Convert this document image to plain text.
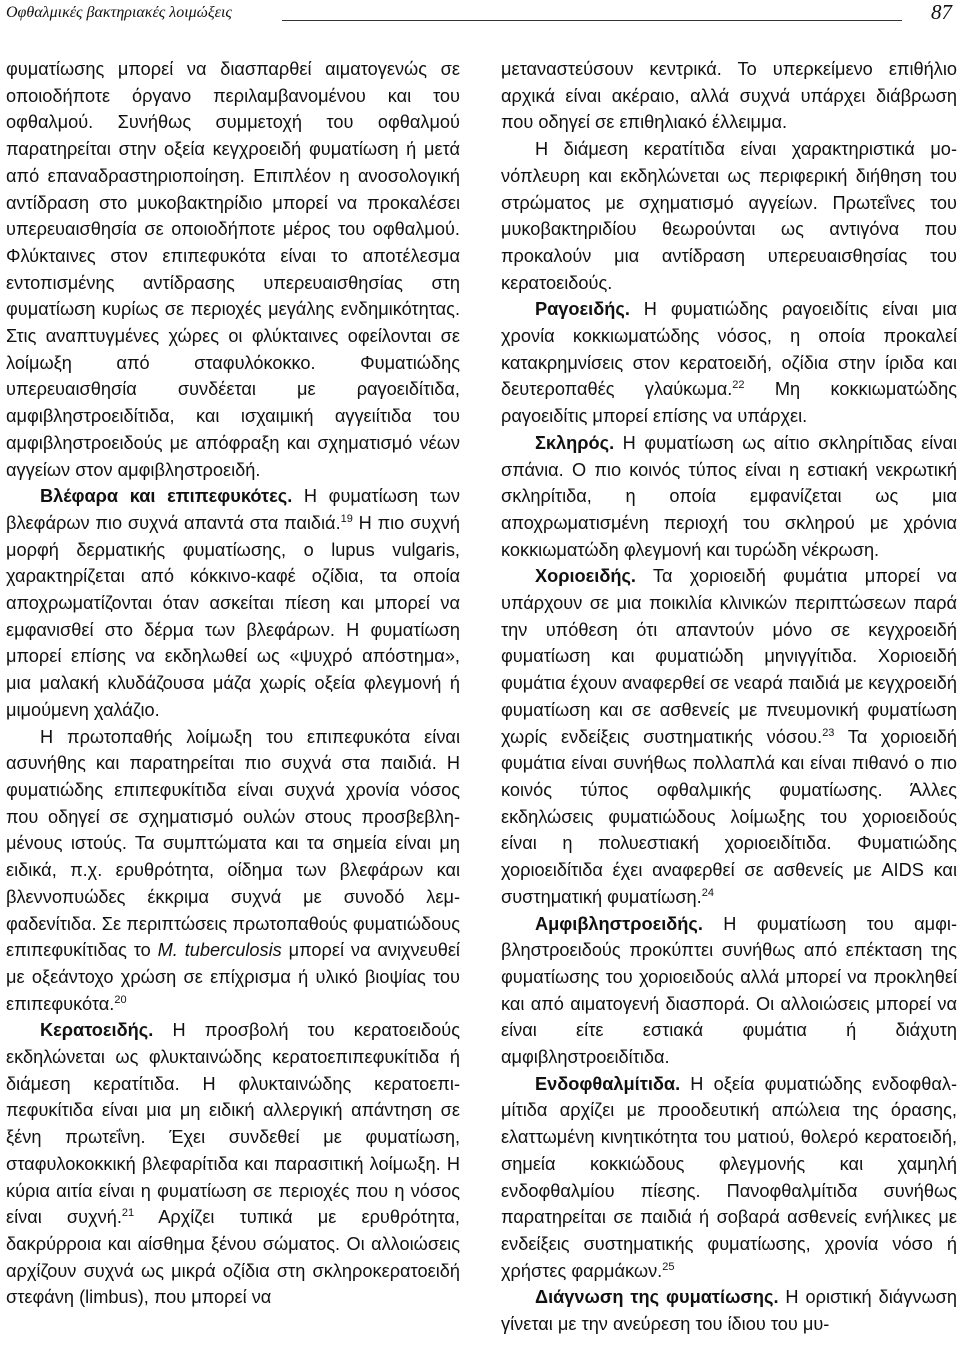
Οφθαλμικές βακτηριακές λοιμώξεις	87

φυματίωσης μπορεί να διασπαρθεί αιματογενώς σε οποιοδήποτε όργανο περιλαμβανομένου και του οφθαλμού. Συνήθως συμμετοχή του οφθαλμού παρατηρείται στην οξεία κεγχροειδή φυματίωση ή μετά από επαναδραστηριοποίηση. Επιπλέον η ανοσολογική αντίδραση στο μυκοβακτηρίδιο μπορεί να προκαλέσει υπερευαισθησία σε οποιοδήποτε μέρος του οφθαλμού. Φλύκταινες στον επιπεφυκότα είναι το αποτέλεσμα εντοπισμένης αντίδρασης υπερευαισθησίας στη φυματίωση κυρίως σε περιοχές μεγάλης ενδημικότητας. Στις αναπτυγμένες χώρες οι φλύκταινες οφείλονται σε λοίμωξη από σταφυλόκοκκο. Φυματιώδης υπερευαισθησία συνδέεται με ραγοειδίτιδα, αμφιβληστροειδίτιδα, και ισχαιμική αγγειίτιδα του αμφιβληστροειδούς με απόφραξη και σχηματισμό νέων αγγείων στον αμφιβληστροειδή.

Βλέφαρα και επιπεφυκότες. Η φυματίωση των βλεφάρων πιο συχνά απαντά στα παιδιά.$^{19}$ Η πιο συχνή μορφή δερματικής φυματίωσης, ο lupus vulgaris, χαρακτηρίζεται από κόκκινο-καφέ οζίδια, τα οποία αποχρωματίζονται όταν ασκείται πίεση και μπορεί να εμφανισθεί στο δέρμα των βλεφάρων. Η φυματίωση μπορεί επίσης να εκδηλωθεί ως «ψυχρό απόστημα», μια μαλακή κλυδάζουσα μάζα χωρίς οξεία φλεγμονή ή μιμούμενη χαλάζιο.

Η πρωτοπαθής λοίμωξη του επιπεφυκότα είναι ασυνήθης και παρατηρείται πιο συχνά στα παιδιά. Η φυματιώδης επιπεφυκίτιδα είναι συχνά χρονία νόσος που οδηγεί σε σχηματισμό ουλών στους προσβεβλημένους ιστούς. Τα συμπτώματα και τα σημεία είναι μη ειδικά, π.χ. ερυθρότητα, οίδημα των βλεφάρων και βλεννοπυώδες έκκριμα συχνά με συνοδό λεμφαδενίτιδα. Σε περιπτώσεις πρωτοπαθούς φυματιώδους επιπεφυκίτιδας το M. tuberculosis μπορεί να ανιχνευθεί με οξεάντοχο χρώση σε επίχρισμα ή υλικό βιοψίας του επιπεφυκότα.$^{20}$

Κερατοειδής. Η προσβολή του κερατοειδούς εκδηλώνεται ως φλυκταινώδης κερατοεπιπεφυκίτιδα ή διάμεση κερατίτιδα. Η φλυκταινώδης κερατοεπιπεφυκίτιδα είναι μια μη ειδική αλλεργική απάντηση σε ξένη πρωτεΐνη. Έχει συνδεθεί με φυματίωση, σταφυλοκοκκική βλεφαρίτιδα και παρασιτική λοίμωξη. Η κύρια αιτία είναι η φυματίωση σε περιοχές που η νόσος είναι συχνή.$^{21}$ Αρχίζει τυπικά με ερυθρότητα, δακρύρροια και αίσθημα ξένου σώματος. Οι αλλοιώσεις αρχίζουν συχνά ως μικρά οζίδια στη σκληροκερατοειδή στεφάνη (limbus), που μπορεί να

μεταναστεύσουν κεντρικά. Το υπερκείμενο επιθήλιο αρχικά είναι ακέραιο, αλλά συχνά υπάρχει διάβρωση που οδηγεί σε επιθηλιακό έλλειμμα.

Η διάμεση κερατίτιδα είναι χαρακτηριστικά μονόπλευρη και εκδηλώνεται ως περιφερική διήθηση του στρώματος με σχηματισμό αγγείων. Πρωτεΐνες του μυκοβακτηριδίου θεωρούνται ως αντιγόνα που προκαλούν μια αντίδραση υπερευαισθησίας του κερατοειδούς.

Ραγοειδής. Η φυματιώδης ραγοειδίτις είναι μια χρονία κοκκιωματώδης νόσος, η οποία προκαλεί κατακρημνίσεις στον κερατοειδή, οζίδια στην ίριδα και δευτεροπαθές γλαύκωμα.$^{22}$ Μη κοκκιωματώδης ραγοειδίτις μπορεί επίσης να υπάρχει.

Σκληρός. Η φυματίωση ως αίτιο σκληρίτιδας είναι σπάνια. Ο πιο κοινός τύπος είναι η εστιακή νεκρωτική σκληρίτιδα, η οποία εμφανίζεται ως μια αποχρωματισμένη περιοχή του σκληρού με χρόνια κοκκιωματώδη φλεγμονή και τυρώδη νέκρωση.

Χοριοειδής. Τα χοριοειδή φυμάτια μπορεί να υπάρχουν σε μια ποικιλία κλινικών περιπτώσεων παρά την υπόθεση ότι απαντούν μόνο σε κεγχροειδή φυματίωση και φυματιώδη μηνιγγίτιδα. Χοριοειδή φυμάτια έχουν αναφερθεί σε νεαρά παιδιά με κεγχροειδή φυματίωση και σε ασθενείς με πνευμονική φυματίωση χωρίς ενδείξεις συστηματικής νόσου.$^{23}$ Τα χοριοειδή φυμάτια είναι συνήθως πολλαπλά και είναι πιθανό ο πιο κοινός τύπος οφθαλμικής φυματίωσης. Άλλες εκδηλώσεις φυματιώδους λοίμωξης του χοριοειδούς είναι η πολυεστιακή χοριοειδίτιδα. Φυματιώδης χοριοειδίτιδα έχει αναφερθεί σε ασθενείς με AIDS και συστηματική φυματίωση.$^{24}$

Αμφιβληστροειδής. Η φυματίωση του αμφιβληστροειδούς προκύπτει συνήθως από επέκταση της φυματίωσης του χοριοειδούς αλλά μπορεί να προκληθεί και από αιματογενή διασπορά. Οι αλλοιώσεις μπορεί να είναι είτε εστιακά φυμάτια ή διάχυτη αμφιβληστροειδίτιδα.

Ενδοφθαλμίτιδα. Η οξεία φυματιώδης ενδοφθαλμίτιδα αρχίζει με προοδευτική απώλεια της όρασης, ελαττωμένη κινητικότητα του ματιού, θολερό κερατοειδή, σημεία κοκκιώδους φλεγμονής και χαμηλή ενδοφθαλμίου πίεσης. Πανοφθαλμίτιδα συνήθως παρατηρείται σε παιδιά ή σοβαρά ασθενείς ενήλικες με ενδείξεις συστηματικής φυματίωσης, χρονία νόσο ή χρήστες φαρμάκων.$^{25}$

Διάγνωση της φυματίωσης. Η οριστική διάγνωση γίνεται με την ανεύρεση του ίδιου του μυ-
